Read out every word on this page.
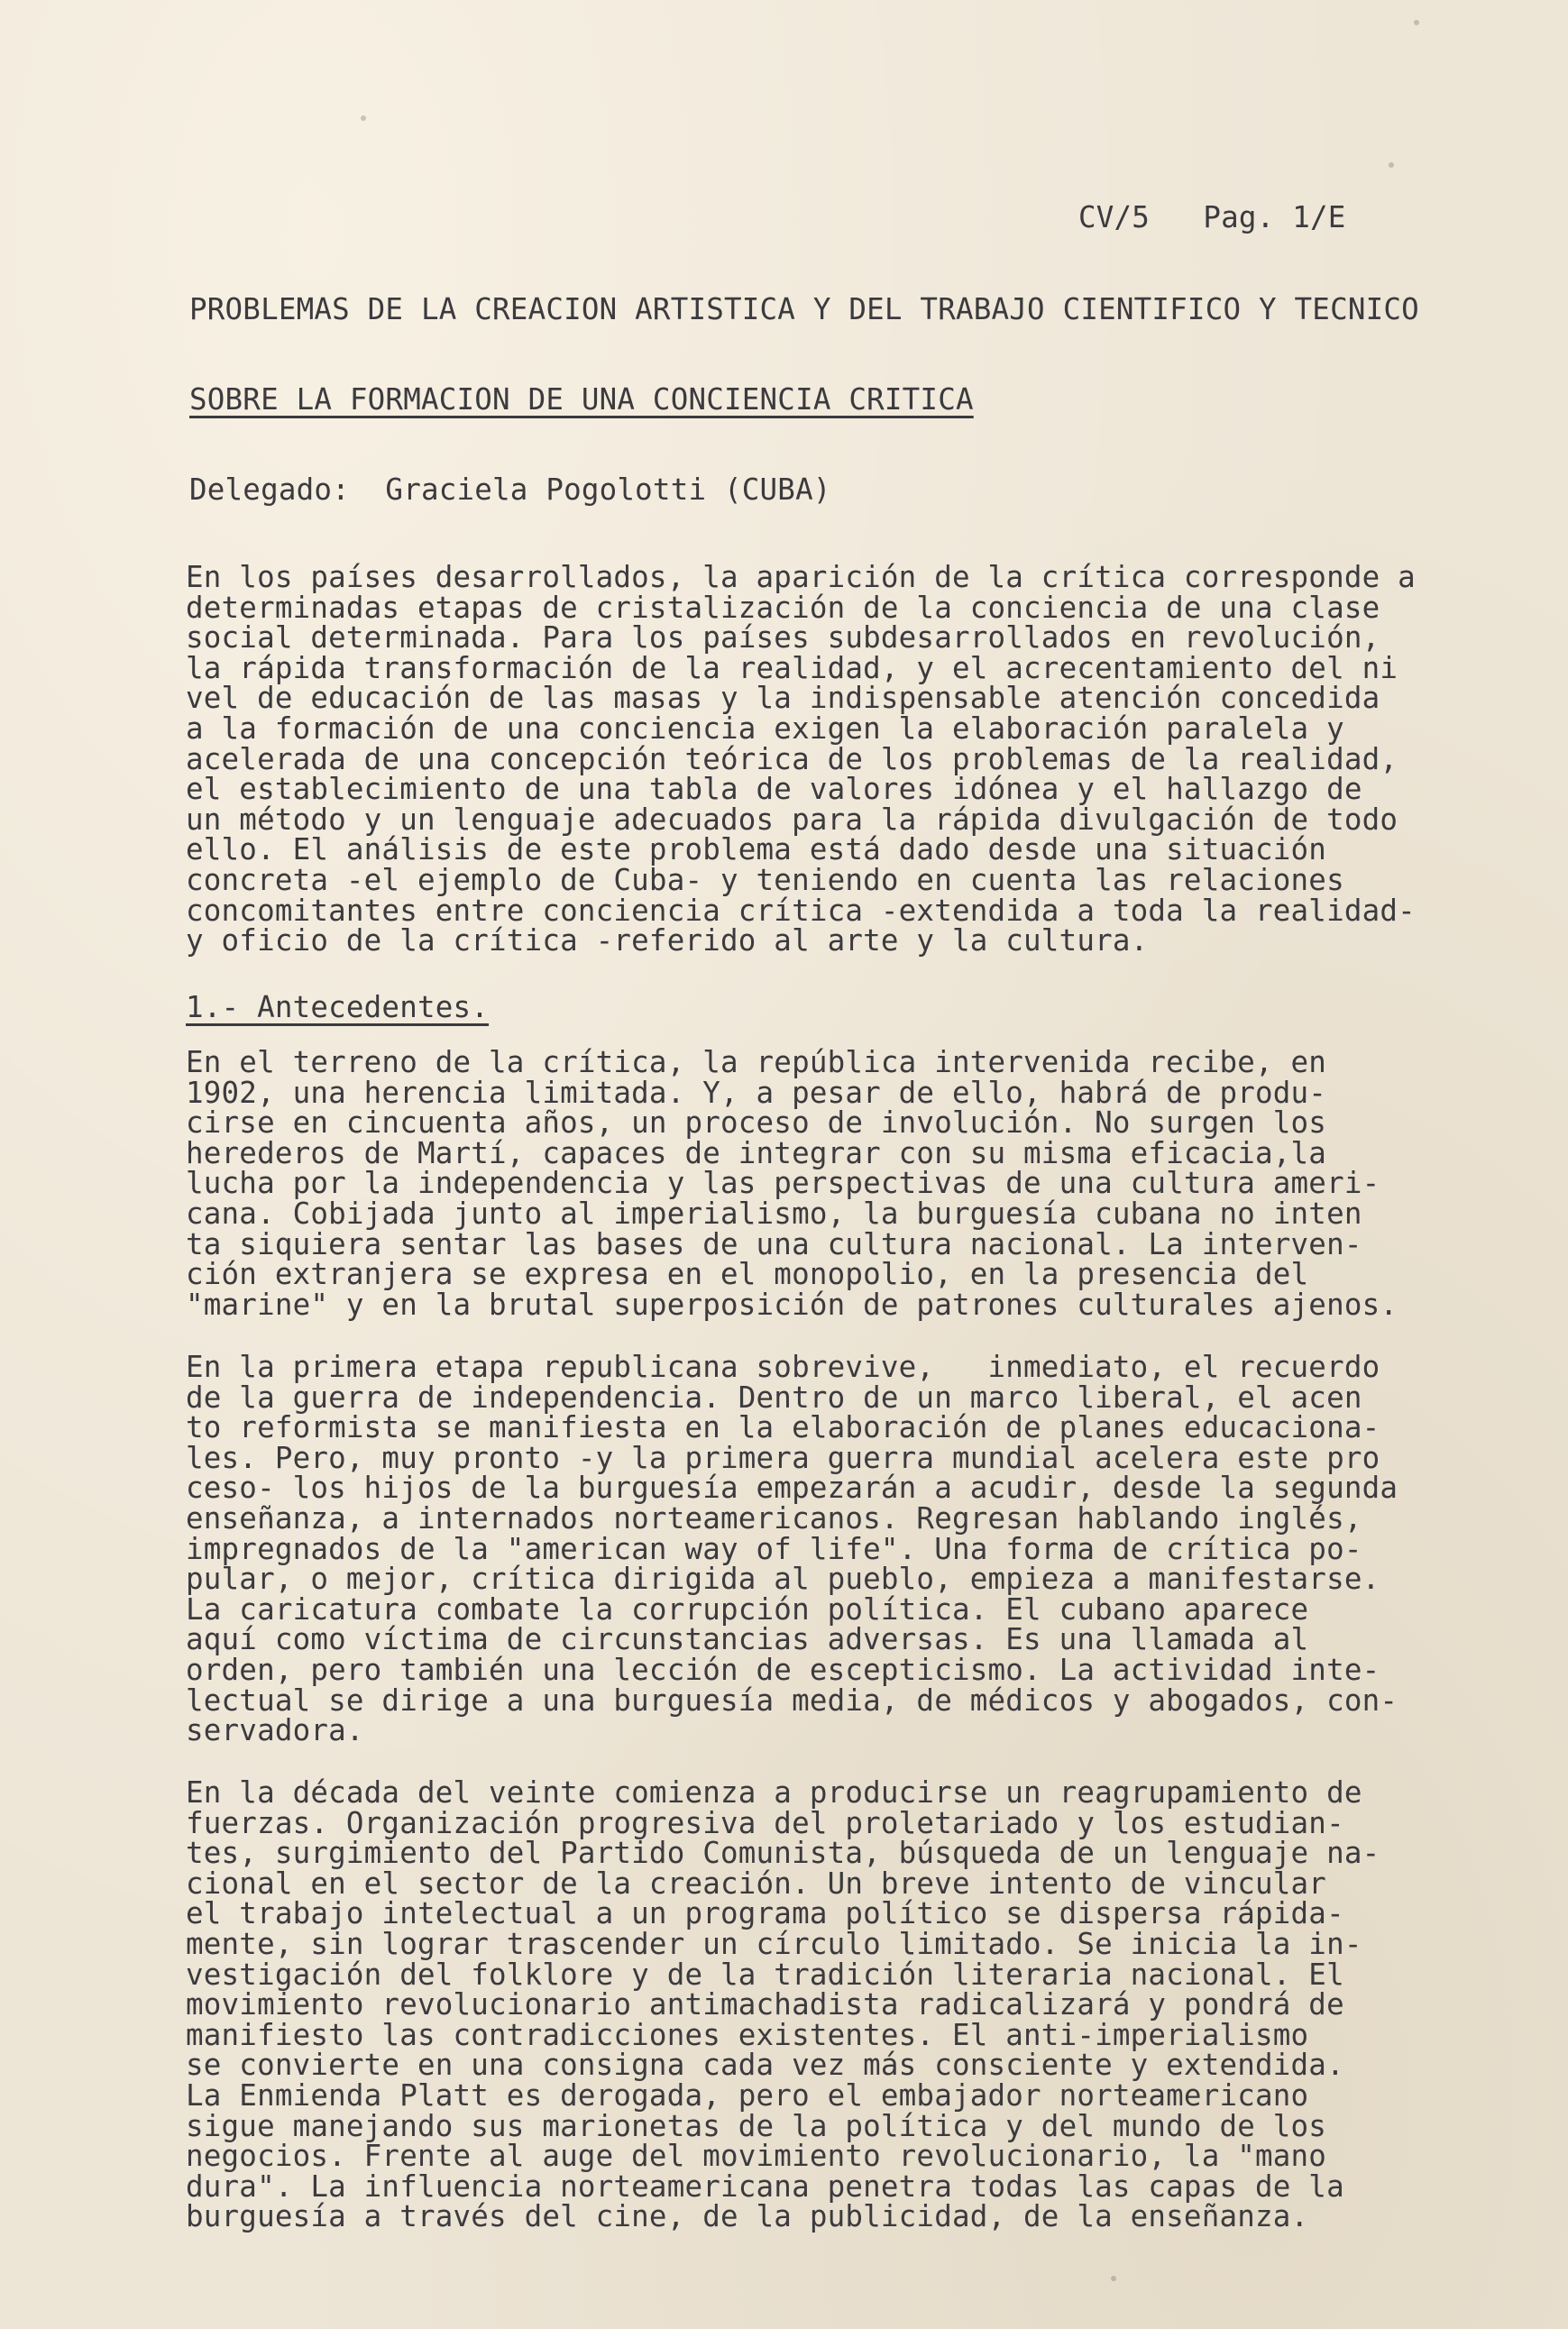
CV/5   Pag. 1/E
PROBLEMAS DE LA CREACION ARTISTICA Y DEL TRABAJO CIENTIFICO Y TECNICO
SOBRE LA FORMACION DE UNA CONCIENCIA CRITICA
Delegado:  Graciela Pogolotti (CUBA)
En los países desarrollados, la aparición de la crítica corresponde a
determinadas etapas de cristalización de la conciencia de una clase
social determinada. Para los países subdesarrollados en revolución,
la rápida transformación de la realidad, y el acrecentamiento del ni
vel de educación de las masas y la indispensable atención concedida
a la formación de una conciencia exigen la elaboración paralela y
acelerada de una concepción teórica de los problemas de la realidad,
el establecimiento de una tabla de valores idónea y el hallazgo de
un método y un lenguaje adecuados para la rápida divulgación de todo
ello. El análisis de este problema está dado desde una situación
concreta -el ejemplo de Cuba- y teniendo en cuenta las relaciones
concomitantes entre conciencia crítica -extendida a toda la realidad-
y oficio de la crítica -referido al arte y la cultura.
1.- Antecedentes.
En el terreno de la crítica, la república intervenida recibe, en
1902, una herencia limitada. Y, a pesar de ello, habrá de produ-
cirse en cincuenta años, un proceso de involución. No surgen los
herederos de Martí, capaces de integrar con su misma eficacia,la
lucha por la independencia y las perspectivas de una cultura ameri-
cana. Cobijada junto al imperialismo, la burguesía cubana no inten
ta siquiera sentar las bases de una cultura nacional. La interven-
ción extranjera se expresa en el monopolio, en la presencia del
"marine" y en la brutal superposición de patrones culturales ajenos.
En la primera etapa republicana sobrevive,   inmediato, el recuerdo
de la guerra de independencia. Dentro de un marco liberal, el acen
to reformista se manifiesta en la elaboración de planes educaciona-
les. Pero, muy pronto -y la primera guerra mundial acelera este pro
ceso- los hijos de la burguesía empezarán a acudir, desde la segunda
enseñanza, a internados norteamericanos. Regresan hablando inglés,
impregnados de la "american way of life". Una forma de crítica po-
pular, o mejor, crítica dirigida al pueblo, empieza a manifestarse.
La caricatura combate la corrupción política. El cubano aparece
aquí como víctima de circunstancias adversas. Es una llamada al
orden, pero también una lección de escepticismo. La actividad inte-
lectual se dirige a una burguesía media, de médicos y abogados, con-
servadora.
En la década del veinte comienza a producirse un reagrupamiento de
fuerzas. Organización progresiva del proletariado y los estudian-
tes, surgimiento del Partido Comunista, búsqueda de un lenguaje na-
cional en el sector de la creación. Un breve intento de vincular
el trabajo intelectual a un programa político se dispersa rápida-
mente, sin lograr trascender un círculo limitado. Se inicia la in-
vestigación del folklore y de la tradición literaria nacional. El
movimiento revolucionario antimachadista radicalizará y pondrá de
manifiesto las contradicciones existentes. El anti-imperialismo
se convierte en una consigna cada vez más consciente y extendida.
La Enmienda Platt es derogada, pero el embajador norteamericano
sigue manejando sus marionetas de la política y del mundo de los
negocios. Frente al auge del movimiento revolucionario, la "mano
dura". La influencia norteamericana penetra todas las capas de la
burguesía a través del cine, de la publicidad, de la enseñanza.
